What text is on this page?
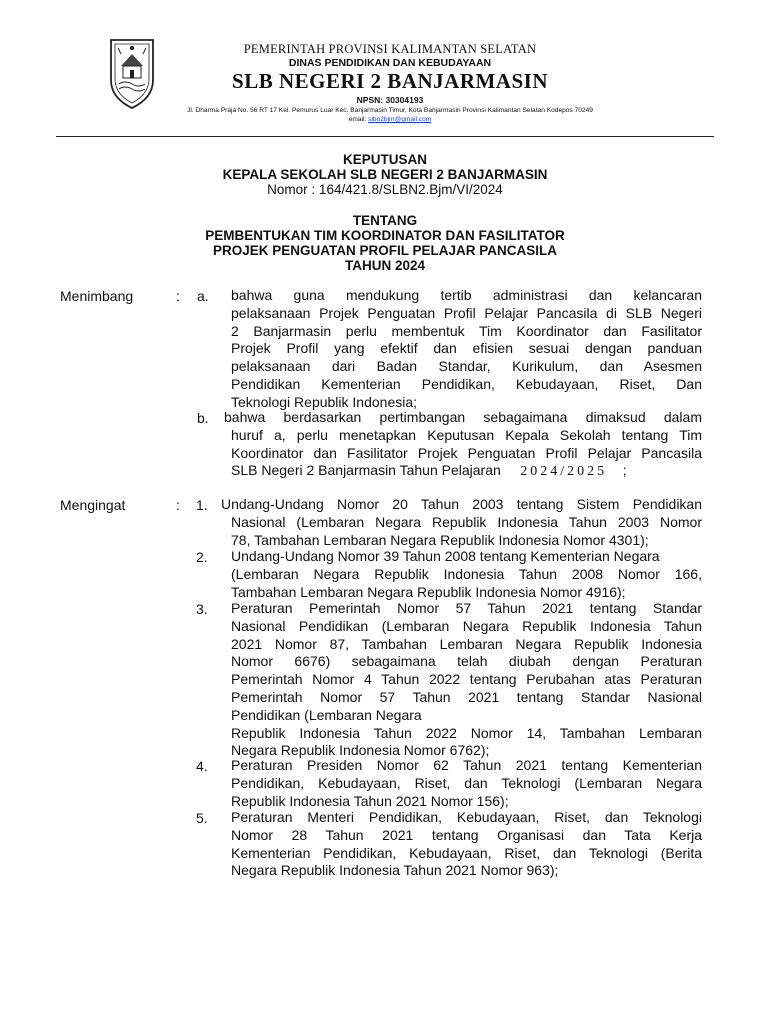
PEMERINTAH PROVINSI KALIMANTAN SELATAN
DINAS PENDIDIKAN DAN KEBUDAYAAN
SLB NEGERI 2 BANJARMASIN
NPSN: 30304193
Jl. Dharma Praja No. 56 RT 17 Kel. Pemurus Luar Kec. Banjarmasin Timur, Kota Banjarmasin Provinsi Kalimantan Selatan Kodepos 70249
email: slbn2bjm@gmail.com
KEPUTUSAN
KEPALA SEKOLAH SLB NEGERI 2 BANJARMASIN
Nomor : 164/421.8/SLBN2.Bjm/VI/2024
TENTANG
PEMBENTUKAN TIM KOORDINATOR DAN FASILITATOR
PROJEK PENGUATAN PROFIL PELAJAR PANCASILA
TAHUN 2024
Menimbang	: a. bahwa guna mendukung tertib administrasi dan kelancaran
pelaksanaan Projek Penguatan Profil Pelajar Pancasila di SLB Negeri
2 Banjarmasin perlu membentuk Tim Koordinator dan Fasilitator
Projek Profil yang efektif dan efisien sesuai dengan panduan
pelaksanaan dari Badan Standar, Kurikulum, dan Asesmen
Pendidikan Kementerian Pendidikan, Kebudayaan, Riset, Dan
Teknologi Republik Indonesia;
b. bahwa berdasarkan pertimbangan sebagaimana dimaksud dalam
huruf a, perlu menetapkan Keputusan Kepala Sekolah tentang Tim
Koordinator dan Fasilitator Projek Penguatan Profil Pelajar Pancasila
SLB Negeri 2 Banjarmasin Tahun Pelajaran 2024/2025 ;
Mengingat	: 1. Undang-Undang Nomor 20 Tahun 2003 tentang Sistem Pendidikan
Nasional (Lembaran Negara Republik Indonesia Tahun 2003 Nomor
78, Tambahan Lembaran Negara Republik Indonesia Nomor 4301);
2. Undang-Undang Nomor 39 Tahun 2008 tentang Kementerian Negara
(Lembaran Negara Republik Indonesia Tahun 2008 Nomor 166,
Tambahan Lembaran Negara Republik Indonesia Nomor 4916);
3. Peraturan Pemerintah Nomor 57 Tahun 2021 tentang Standar
Nasional Pendidikan (Lembaran Negara Republik Indonesia Tahun
2021 Nomor 87, Tambahan Lembaran Negara Republik Indonesia
Nomor 6676) sebagaimana telah diubah dengan Peraturan
Pemerintah Nomor 4 Tahun 2022 tentang Perubahan atas Peraturan
Pemerintah Nomor 57 Tahun 2021 tentang Standar Nasional
Pendidikan (Lembaran Negara
Republik Indonesia Tahun 2022 Nomor 14, Tambahan Lembaran
Negara Republik Indonesia Nomor 6762);
4. Peraturan Presiden Nomor 62 Tahun 2021 tentang Kementerian
Pendidikan, Kebudayaan, Riset, dan Teknologi (Lembaran Negara
Republik Indonesia Tahun 2021 Nomor 156);
5. Peraturan Menteri Pendidikan, Kebudayaan, Riset, dan Teknologi
Nomor 28 Tahun 2021 tentang Organisasi dan Tata Kerja
Kementerian Pendidikan, Kebudayaan, Riset, dan Teknologi (Berita
Negara Republik Indonesia Tahun 2021 Nomor 963);
